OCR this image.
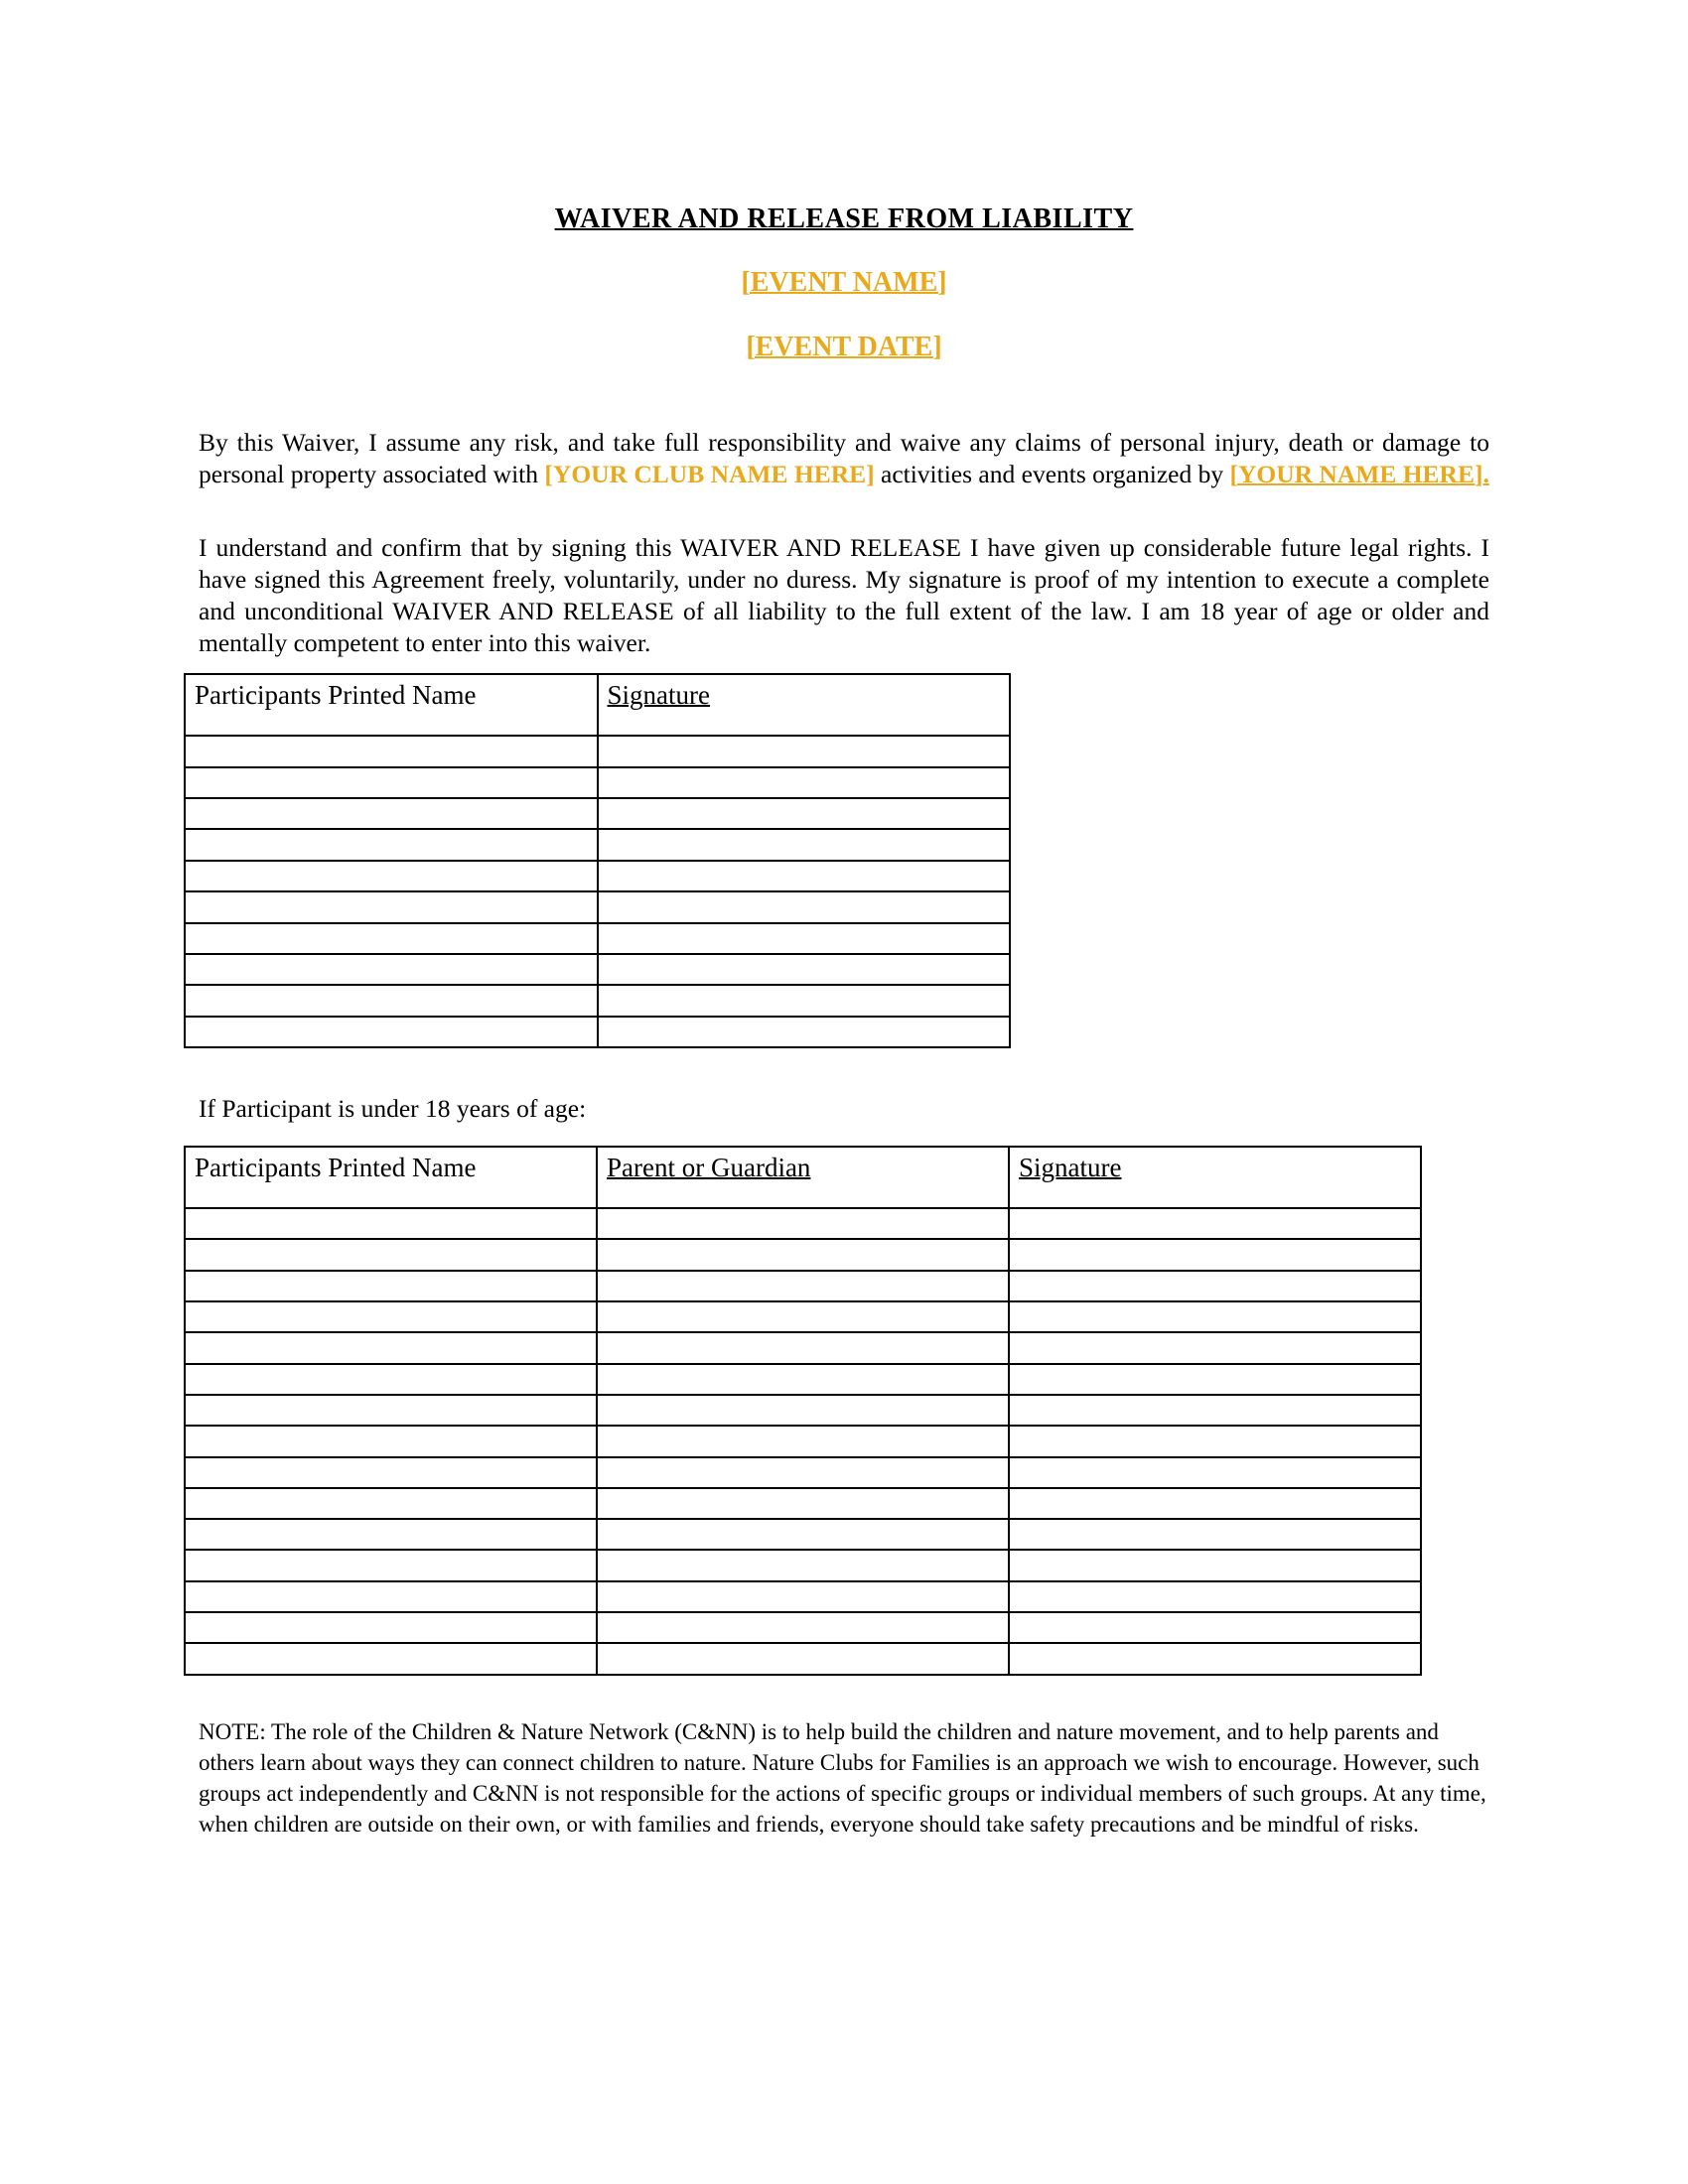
WAIVER AND RELEASE FROM LIABILITY
[EVENT NAME]
[EVENT DATE]

By this Waiver, I assume any risk, and take full responsibility and waive any claims of personal injury, death or damage to personal property associated with [YOUR CLUB NAME HERE] activities and events organized by [YOUR NAME HERE].

I understand and confirm that by signing this WAIVER AND RELEASE I have given up considerable future legal rights. I have signed this Agreement freely, voluntarily, under no duress. My signature is proof of my intention to execute a complete and unconditional WAIVER AND RELEASE of all liability to the full extent of the law. I am 18 year of age or older and mentally competent to enter into this waiver.

Participants Printed Name	Signature

If Participant is under 18 years of age:
Participants Printed Name	Parent or Guardian	Signature

NOTE: The role of the Children & Nature Network (C&NN) is to help build the children and nature movement, and to help parents and others learn about ways they can connect children to nature. Nature Clubs for Families is an approach we wish to encourage. However, such groups act independently and C&NN is not responsible for the actions of specific groups or individual members of such groups. At any time, when children are outside on their own, or with families and friends, everyone should take safety precautions and be mindful of risks.
